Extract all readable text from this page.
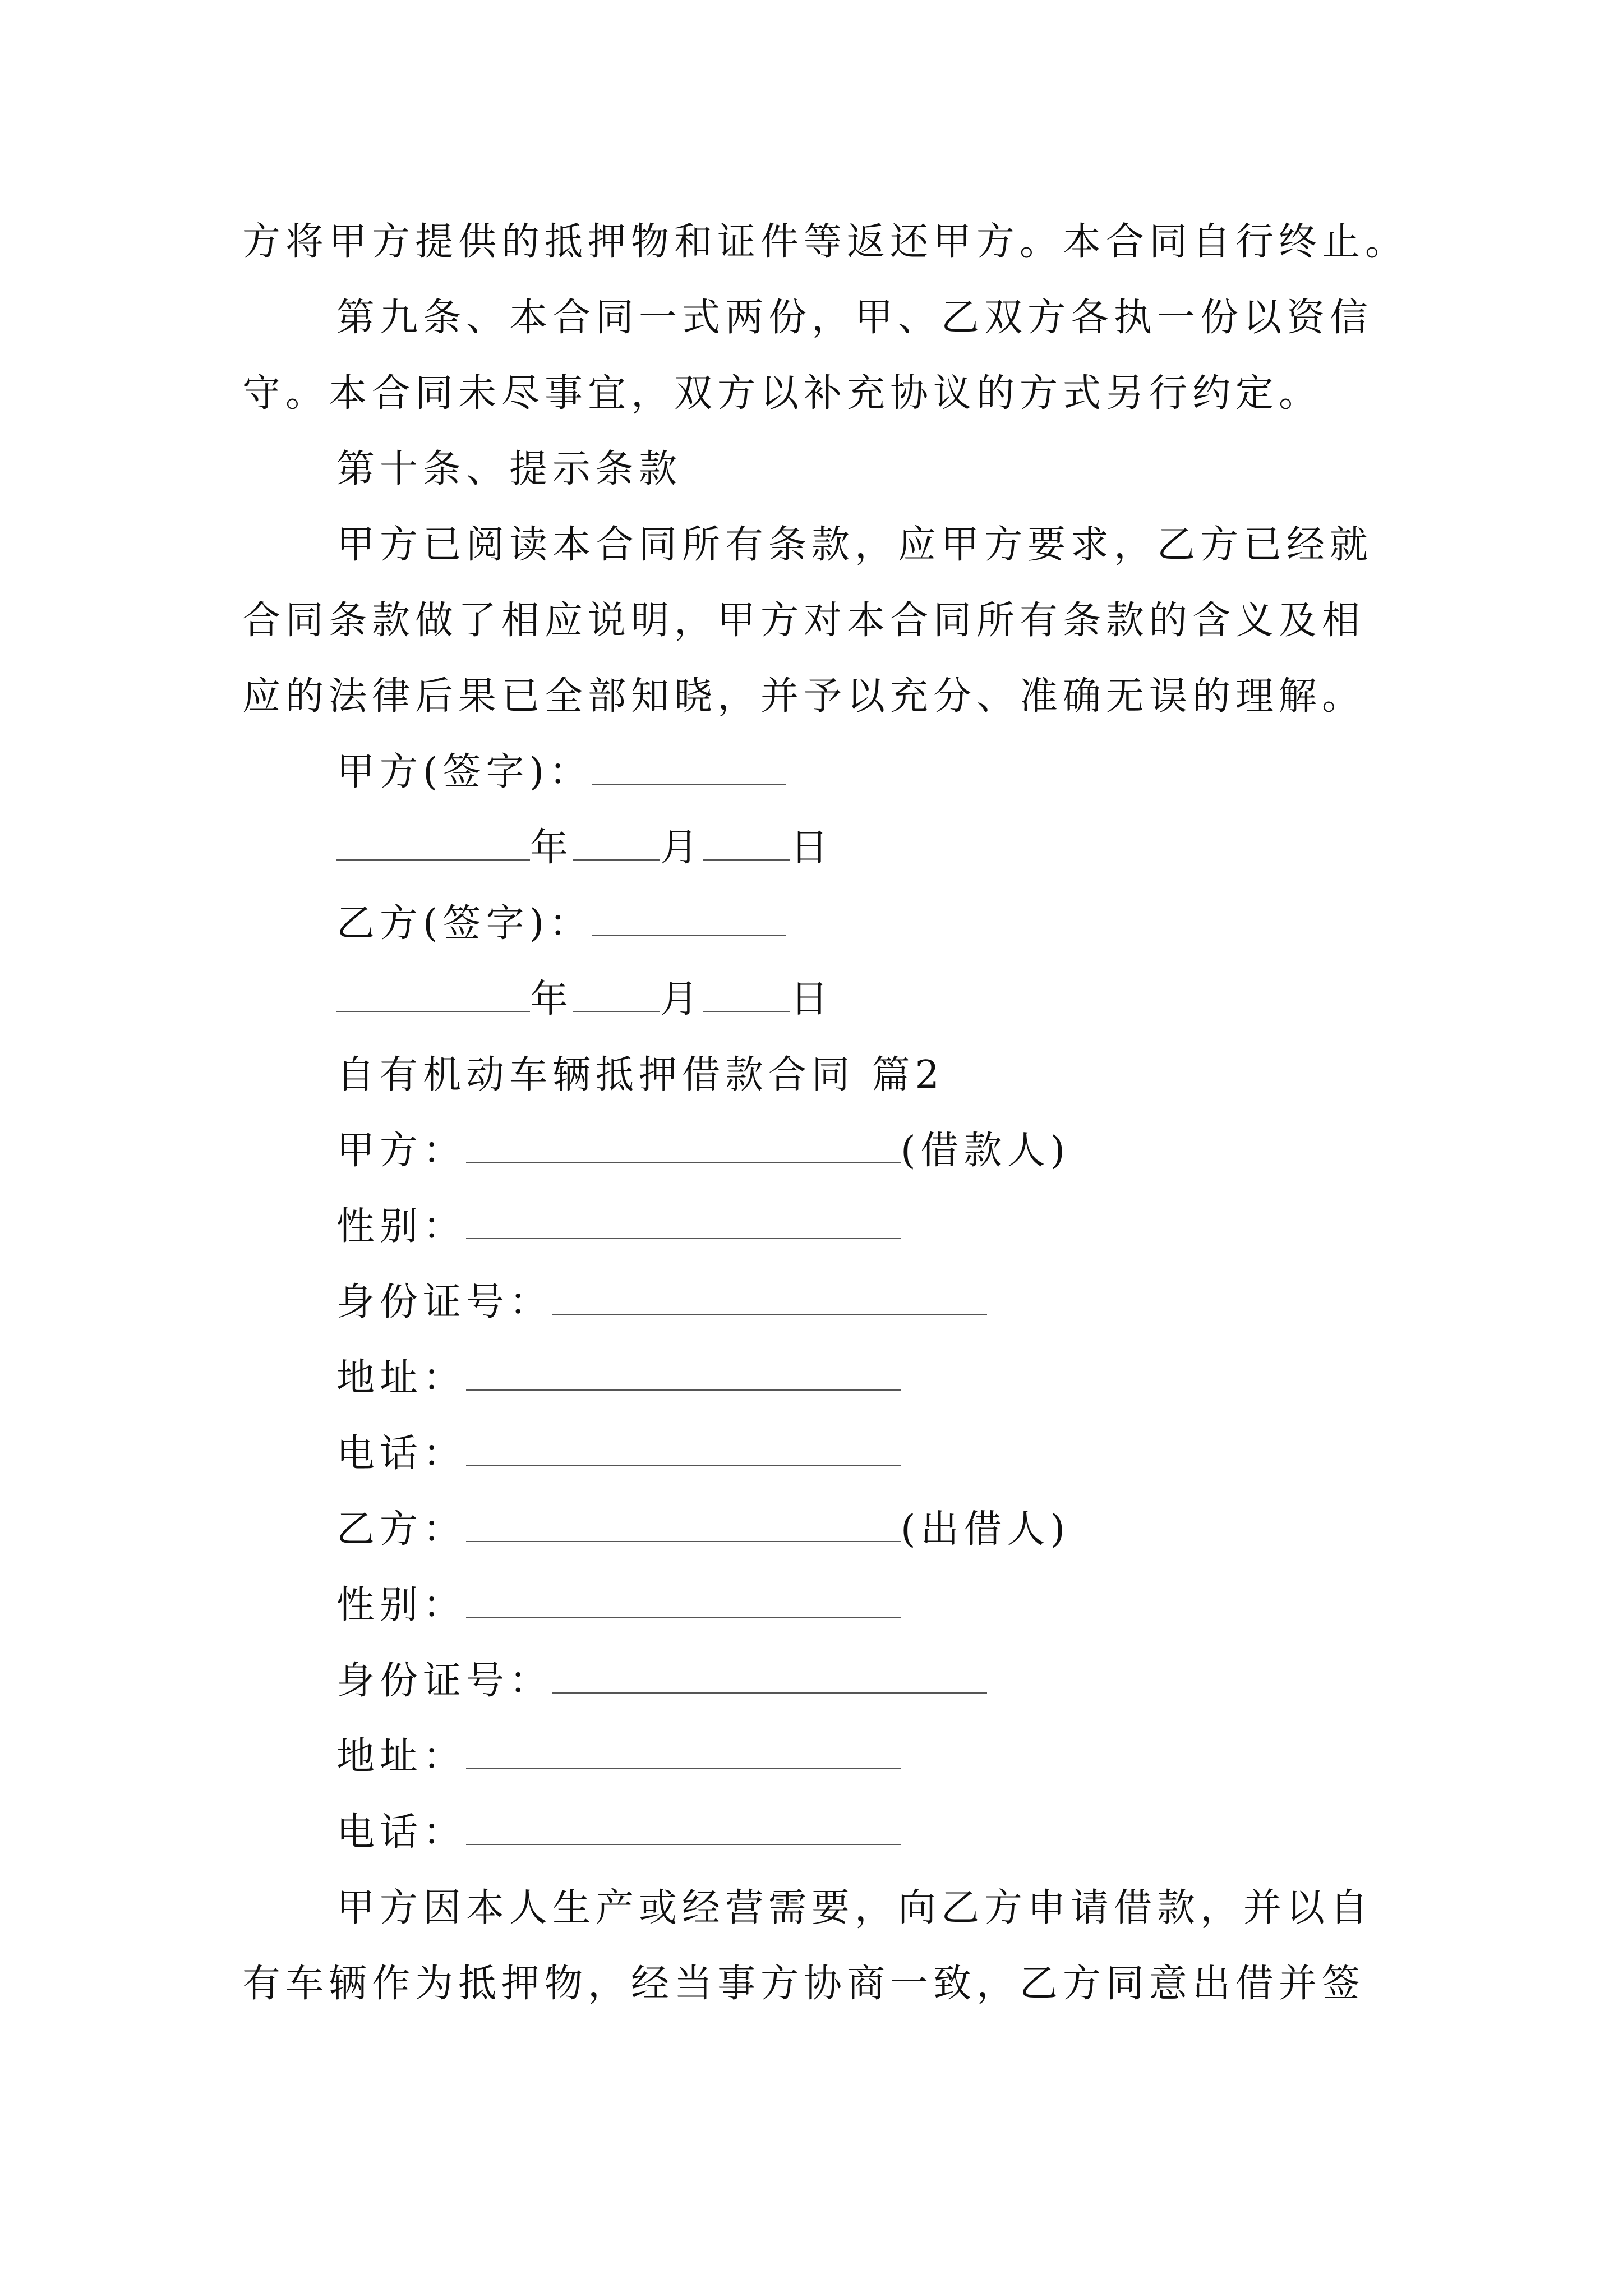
方将甲方提供的抵押物和证件等返还甲方。本合同自行终止。
第九条、本合同一式两份，甲、乙双方各执一份以资信
守。本合同未尽事宜，双方以补充协议的方式另行约定。
第十条、提示条款
甲方已阅读本合同所有条款，应甲方要求，乙方已经就
合同条款做了相应说明，甲方对本合同所有条款的含义及相
应的法律后果已全部知晓，并予以充分、准确无误的理解。
甲方(签字)：
年 月 日
乙方(签字)：
年 月 日
自有机动车辆抵押借款合同 篇2
甲方：	(借款人)
性别：
身份证号：
地址：
电话：
乙方：	(出借人)
性别：
身份证号：
地址：
电话：
甲方因本人生产或经营需要，向乙方申请借款，并以自
有车辆作为抵押物，经当事方协商一致，乙方同意出借并签
